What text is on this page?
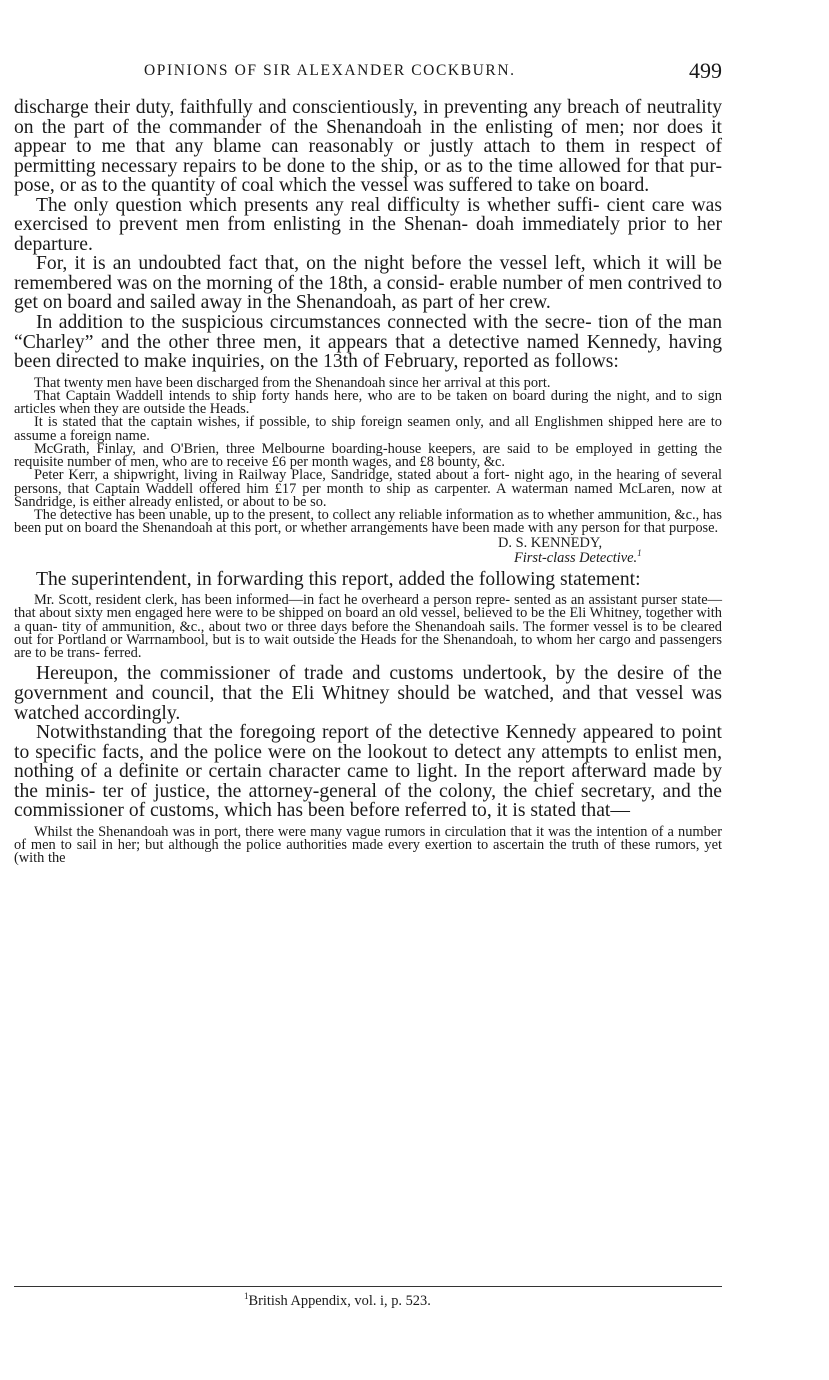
OPINIONS OF SIR ALEXANDER COCKBURN.	499

discharge their duty, faithfully and conscientiously, in preventing any breach of neutrality on the part of the commander of the Shenandoah in the enlisting of men; nor does it appear to me that any blame can reasonably or justly attach to them in respect of permitting necessary repairs to be done to the ship, or as to the time allowed for that pur- pose, or as to the quantity of coal which the vessel was suffered to take on board.

The only question which presents any real difficulty is whether suffi- cient care was exercised to prevent men from enlisting in the Shenan- doah immediately prior to her departure.

For, it is an undoubted fact that, on the night before the vessel left, which it will be remembered was on the morning of the 18th, a consid- erable number of men contrived to get on board and sailed away in the Shenandoah, as part of her crew.

In addition to the suspicious circumstances connected with the secre- tion of the man “Charley” and the other three men, it appears that a detective named Kennedy, having been directed to make inquiries, on the 13th of February, reported as follows:

That twenty men have been discharged from the Shenandoah since her arrival at this port.

That Captain Waddell intends to ship forty hands here, who are to be taken on board during the night, and to sign articles when they are outside the Heads.

It is stated that the captain wishes, if possible, to ship foreign seamen only, and all Englishmen shipped here are to assume a foreign name.

McGrath, Finlay, and O'Brien, three Melbourne boarding-house keepers, are said to be employed in getting the requisite number of men, who are to receive £6 per month wages, and £8 bounty, &c.

Peter Kerr, a shipwright, living in Railway Place, Sandridge, stated about a fort- night ago, in the hearing of several persons, that Captain Waddell offered him £17 per month to ship as carpenter. A waterman named McLaren, now at Sandridge, is either already enlisted, or about to be so.

The detective has been unable, up to the present, to collect any reliable information as to whether ammunition, &c., has been put on board the Shenandoah at this port, or whether arrangements have been made with any person for that purpose.

D. S. KENNEDY,
First-class Detective.$^1$

The superintendent, in forwarding this report, added the following statement:

Mr. Scott, resident clerk, has been informed—in fact he overheard a person repre- sented as an assistant purser state—that about sixty men engaged here were to be shipped on board an old vessel, believed to be the Eli Whitney, together with a quan- tity of ammunition, &c., about two or three days before the Shenandoah sails. The former vessel is to be cleared out for Portland or Warrnambool, but is to wait outside the Heads for the Shenandoah, to whom her cargo and passengers are to be trans- ferred.

Hereupon, the commissioner of trade and customs undertook, by the desire of the government and council, that the Eli Whitney should be watched, and that vessel was watched accordingly.

Notwithstanding that the foregoing report of the detective Kennedy appeared to point to specific facts, and the police were on the lookout to detect any attempts to enlist men, nothing of a definite or certain character came to light. In the report afterward made by the minis- ter of justice, the attorney-general of the colony, the chief secretary, and the commissioner of customs, which has been before referred to, it is stated that—

Whilst the Shenandoah was in port, there were many vague rumors in circulation that it was the intention of a number of men to sail in her; but although the police authorities made every exertion to ascertain the truth of these rumors, yet (with the

$^1$British Appendix, vol. i, p. 523.
